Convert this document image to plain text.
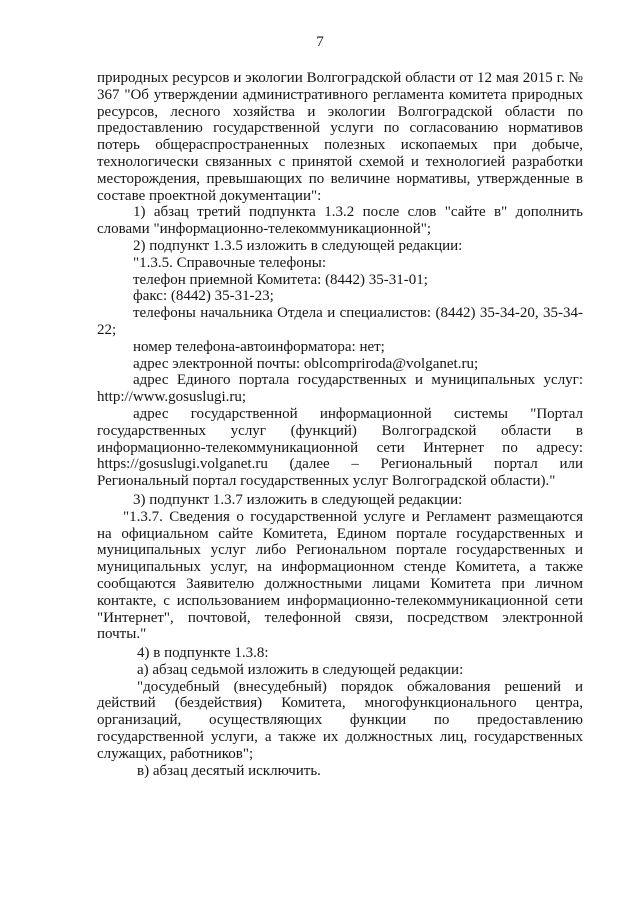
7

природных ресурсов и экологии Волгоградской области от 12 мая 2015 г. № 367 "Об утверждении административного регламента комитета природных ресурсов, лесного хозяйства и экологии Волгоградской области по предоставлению государственной услуги по согласованию нормативов потерь общераспространенных полезных ископаемых при добыче, технологически связанных с принятой схемой и технологией разработки месторождения, превышающих по величине нормативы, утвержденные в составе проектной документации":

1) абзац третий подпункта 1.3.2 после слов "сайте в" дополнить словами "информационно-телекоммуникационной";

2) подпункт 1.3.5 изложить в следующей редакции:

"1.3.5. Справочные телефоны:

телефон приемной Комитета: (8442) 35-31-01;

факс: (8442) 35-31-23;

телефоны начальника Отдела и специалистов: (8442) 35-34-20, 35-34-22;

номер телефона-автоинформатора: нет;

адрес электронной почты: oblcompriroda@volganet.ru;

адрес Единого портала государственных и муниципальных услуг: http://www.gosuslugi.ru;

адрес государственной информационной системы "Портал государственных услуг (функций) Волгоградской области в информационно-телекоммуникационной сети Интернет по адресу: https://gosuslugi.volganet.ru (далее – Региональный портал или Региональный портал государственных услуг Волгоградской области)."

3) подпункт 1.3.7 изложить в следующей редакции:

"1.3.7. Сведения о государственной услуге и Регламент размещаются на официальном сайте Комитета, Едином портале государственных и муниципальных услуг либо Региональном портале государственных и муниципальных услуг, на информационном стенде Комитета, а также сообщаются Заявителю должностными лицами Комитета при личном контакте, с использованием информационно-телекоммуникационной сети "Интернет", почтовой, телефонной связи, посредством электронной почты."

4) в подпункте 1.3.8:

а) абзац седьмой изложить в следующей редакции:

"досудебный (внесудебный) порядок обжалования решений и действий (бездействия) Комитета, многофункционального центра, организаций, осуществляющих функции по предоставлению государственной услуги, а также их должностных лиц, государственных служащих, работников";

в) абзац десятый исключить.
